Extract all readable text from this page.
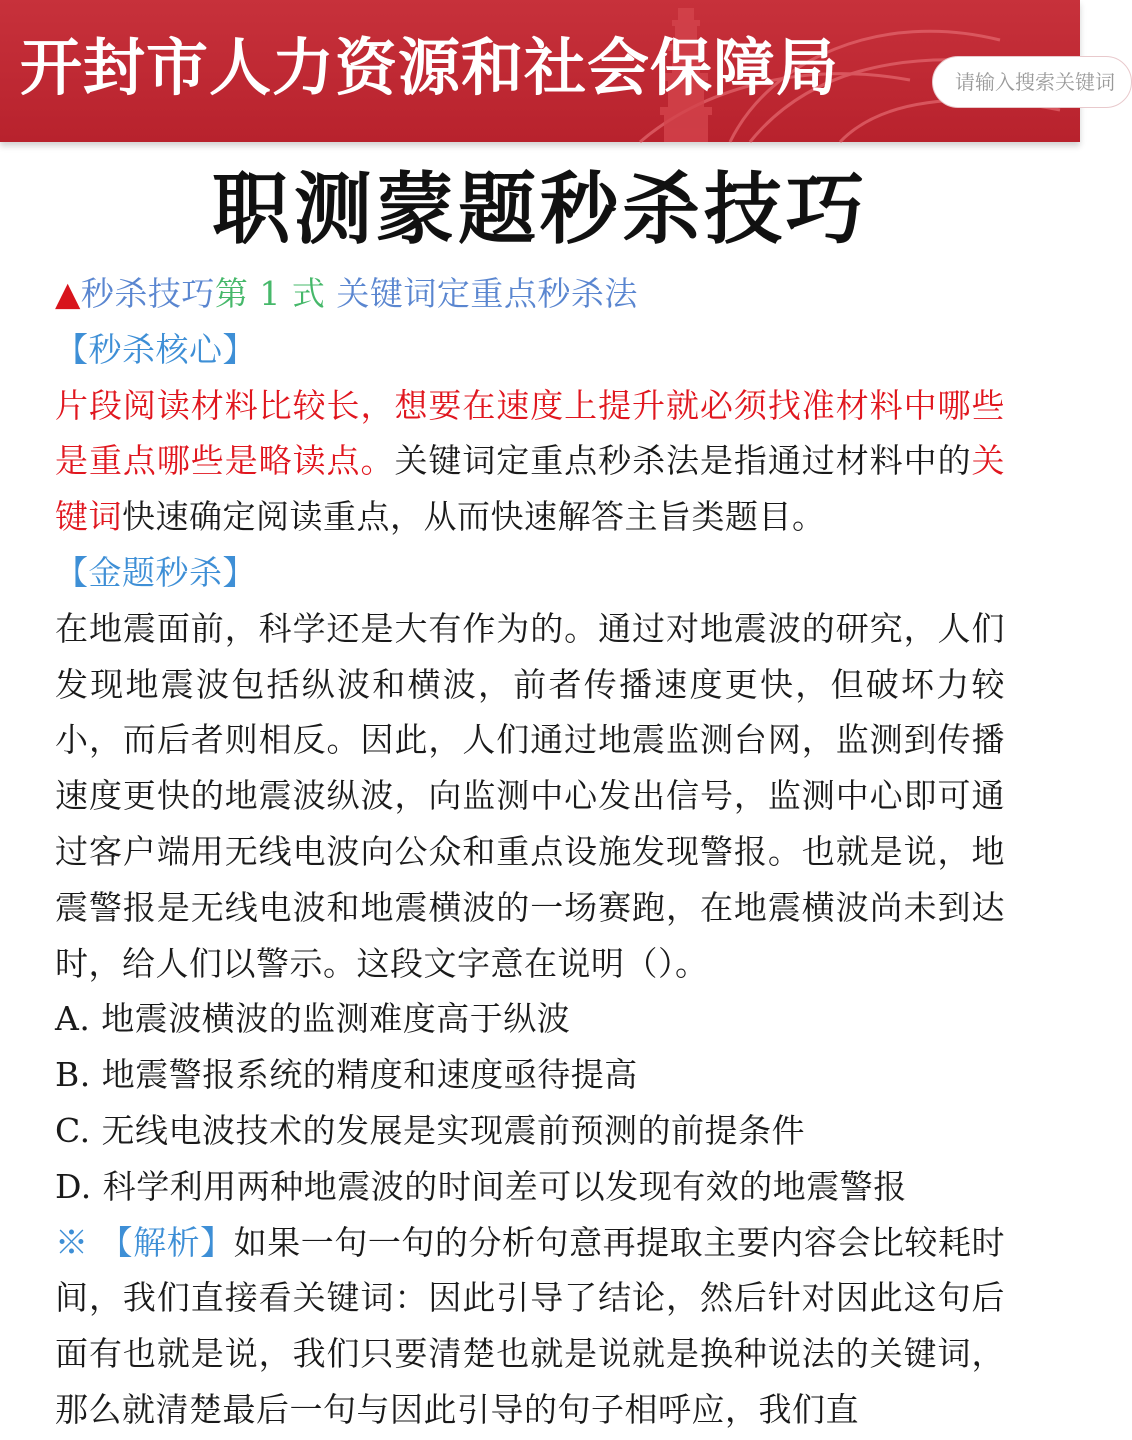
开封市人力资源和社会保障局	请输入搜索关键词
职测蒙题秒杀技巧
▲秒杀技巧第 1 式 关键词定重点秒杀法
【秒杀核心】
片段阅读材料比较长，想要在速度上提升就必须找准材料中哪些是重点哪些是略读点。关键词定重点秒杀法是指通过材料中的关键词快速确定阅读重点，从而快速解答主旨类题目。
【金题秒杀】
在地震面前，科学还是大有作为的。通过对地震波的研究，人们发现地震波包括纵波和横波，前者传播速度更快，但破坏力较小，而后者则相反。因此，人们通过地震监测台网，监测到传播速度更快的地震波纵波，向监测中心发出信号，监测中心即可通过客户端用无线电波向公众和重点设施发现警报。也就是说，地震警报是无线电波和地震横波的一场赛跑，在地震横波尚未到达时，给人们以警示。这段文字意在说明（）。
A. 地震波横波的监测难度高于纵波
B. 地震警报系统的精度和速度亟待提高
C. 无线电波技术的发展是实现震前预测的前提条件
D. 科学利用两种地震波的时间差可以发现有效的地震警报
※ 【解析】如果一句一句的分析句意再提取主要内容会比较耗时间，我们直接看关键词：因此引导了结论，然后针对因此这句后面有也就是说，我们只要清楚也就是说就是换种说法的关键词，那么就清楚最后一句与因此引导的句子相呼应，我们直
